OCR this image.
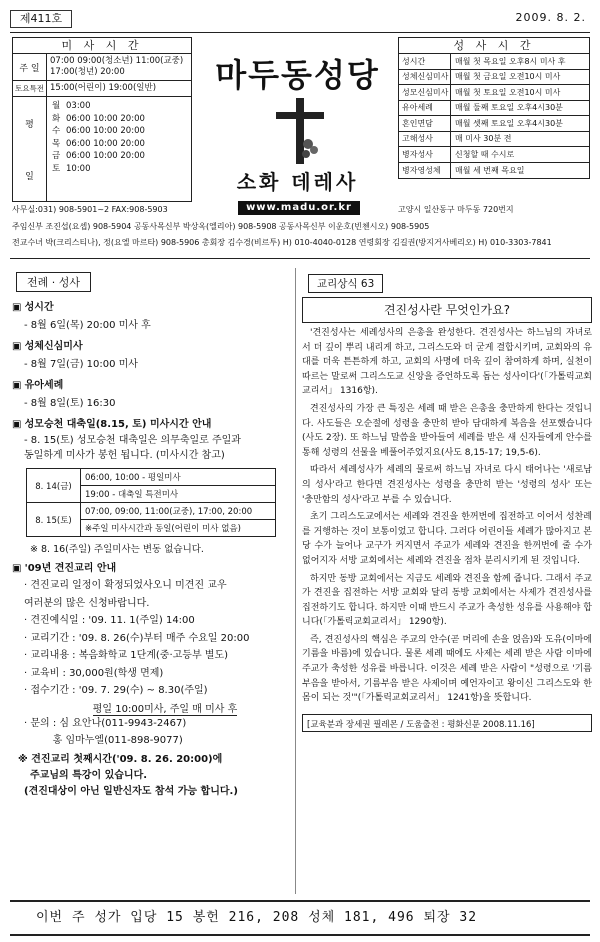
제411호	2009. 8. 2.
미 사 시 간
주 일
07:00 09:00(청소년) 11:00(교중)
17:00(청년) 20:00
토요특전 15:00(어린이) 19:00(일반)
평
일
월 03:00
화 06:00 10:00 20:00
수 06:00 10:00 20:00
목 06:00 10:00 20:00
금 06:00 10:00 20:00
토 10:00
마두동성당
소화 데레사
www.madu.or.kr
성 사 시 간
성시간	매월 첫 목요일 오후8시 미사 후
성체신심미사 매월 첫 금요일 오전10시 미사
성모신심미사 매월 첫 토요일 오전10시 미사
유아세례	매월 둘째 토요일 오후4시30분
혼인면담	매월 셋째 토요일 오후4시30분
고해성사	매 미사 30분 전
병자성사	신청할 때 수시로
병자영성체	매월 세 번째 목요일
사무실:031) 908-5901~2 FAX:908-5903	고양시 일산동구 마두동 720번지
주임신부 조진섭(요셉) 908-5904 공동사목신부 박상옥(엘리아) 908-5908 공동사목신부 이운호(빈첸시오) 908-5905
전교수녀 박(크리스티나), 정(요엘 마르타) 908-5906 총회장 김수경(비르투) H) 010-4040-0128 연령회장 김길권(방지거사베리오) H) 010-3303-7841
전례 · 성사
▣ 성시간
- 8월 6일(목) 20:00 미사 후
▣ 성체신심미사
- 8월 7일(금) 10:00 미사
▣ 유아세례
- 8월 8일(토) 16:30
▣ 성모승천 대축일(8.15, 토) 미사시간 안내
- 8. 15(토) 성모승천 대축일은 의무축일로 주일과
동일하게 미사가 봉헌 됩니다. (미사시간 참고)
8. 14(금)	06:00, 10:00 - 평일미사
	19:00 - 대축일 특전미사
8. 15(토)	07:00, 09:00, 11:00(교중), 17:00, 20:00
	※주일 미사시간과 동일(어린이 미사 없음)
※ 8. 16(주일) 주일미사는 변동 없습니다.
▣ '09년 견진교리 안내
· 견진교리 일정이 확정되었사오니 미견진 교우
여러분의 많은 신청바랍니다.
· 견진예식일 : '09. 11. 1(주일) 14:00
· 교리기간 : '09. 8. 26(수)부터 매주 수요일 20:00
· 교리내용 : 복음화학교 1단계(중·고등부 별도)
· 교육비 : 30,000원(학생 면제)
· 접수기간 : '09. 7. 29(수) ~ 8.30(주일)
평일 10:00미사, 주일 매 미사 후
· 문의 : 심 요안나(011-9943-2467)
홍 임마누엘(011-898-9077)
※ 견진교리 첫째시간('09. 8. 26. 20:00)에
주교님의 특강이 있습니다.
(견진대상이 아닌 일반신자도 참석 가능 합니다.)
교리상식 63
견진성사란 무엇인가요?

'견진성사는 세례성사의 은총을 완성한다. 견진성사는 하느님의 자녀로서 더 깊이 뿌리 내리게 하고, 그리스도와 더 굳게 결합시키며, 교회와의 유대를 더욱 튼튼하게 하고, 교회의 사명에 더욱 깊이 참여하게 하며, 실천이 따르는 말로써 그리스도교 신앙을 증언하도록 돕는 성사이다'(「가톨릭교회교리서」 1316항).

견진성사의 가장 큰 특징은 세례 때 받은 은총을 충만하게 한다는 것입니다. 사도들은 오순절에 성령을 충만히 받아 담대하게 복음을 선포했습니다(사도 2장). 또 하느님 말씀을 받아들여 세례를 받은 새 신자들에게 안수를 통해 성령의 선물을 베풀어주었지요(사도 8,15-17; 19,5-6).

따라서 세례성사가 세례의 물로써 하느님 자녀로 다시 태어나는 '새로남의 성사'라고 한다면 견진성사는 성령을 충만히 받는 '성령의 성사' 또는 '충만함의 성사'라고 부를 수 있습니다.

초기 그리스도교에서는 세례와 견진을 한꺼번에 집전하고 이어서 성찬례를 거행하는 것이 보통이었고 합니다. 그러다 어린이들 세례가 많아지고 본당 수가 늘어나 교구가 커지면서 주교가 세례와 견진을 한꺼번에 줄 수가 없어지자 서방 교회에서는 세례와 견진을 점차 분리시키게 된 것입니다.

하지만 동방 교회에서는 지금도 세례와 견진을 함께 줍니다. 그래서 주교가 견진을 집전하는 서방 교회와 달리 동방 교회에서는 사제가 견진성사를 집전하기도 합니다. 하지만 이때 반드시 주교가 축성한 성유를 사용해야 합니다(「가톨릭교회교리서」 1290항).

즉, 견진성사의 핵심은 주교의 안수(곧 머리에 손을 얹음)와 도유(이마에 기름을 바름)에 있습니다. 물론 세례 때에도 사제는 세례 받은 사람 이마에 주교가 축성한 성유를 바릅니다. 이것은 세례 받은 사람이 "성령으로 '기름부음을 받아서, 기름부음 받은 사제이며 예언자이고 왕이신 그리스도와 한 몸이 되는 것'"(「가톨릭교회교리서」 1241항)을 뜻합니다.

[교육분과 장세권 필레몬 / 도움출전 : 평화신문 2008.11.16]
이번 주 성가 입당 15 봉헌 216, 208 성체 181, 496 퇴장 32
